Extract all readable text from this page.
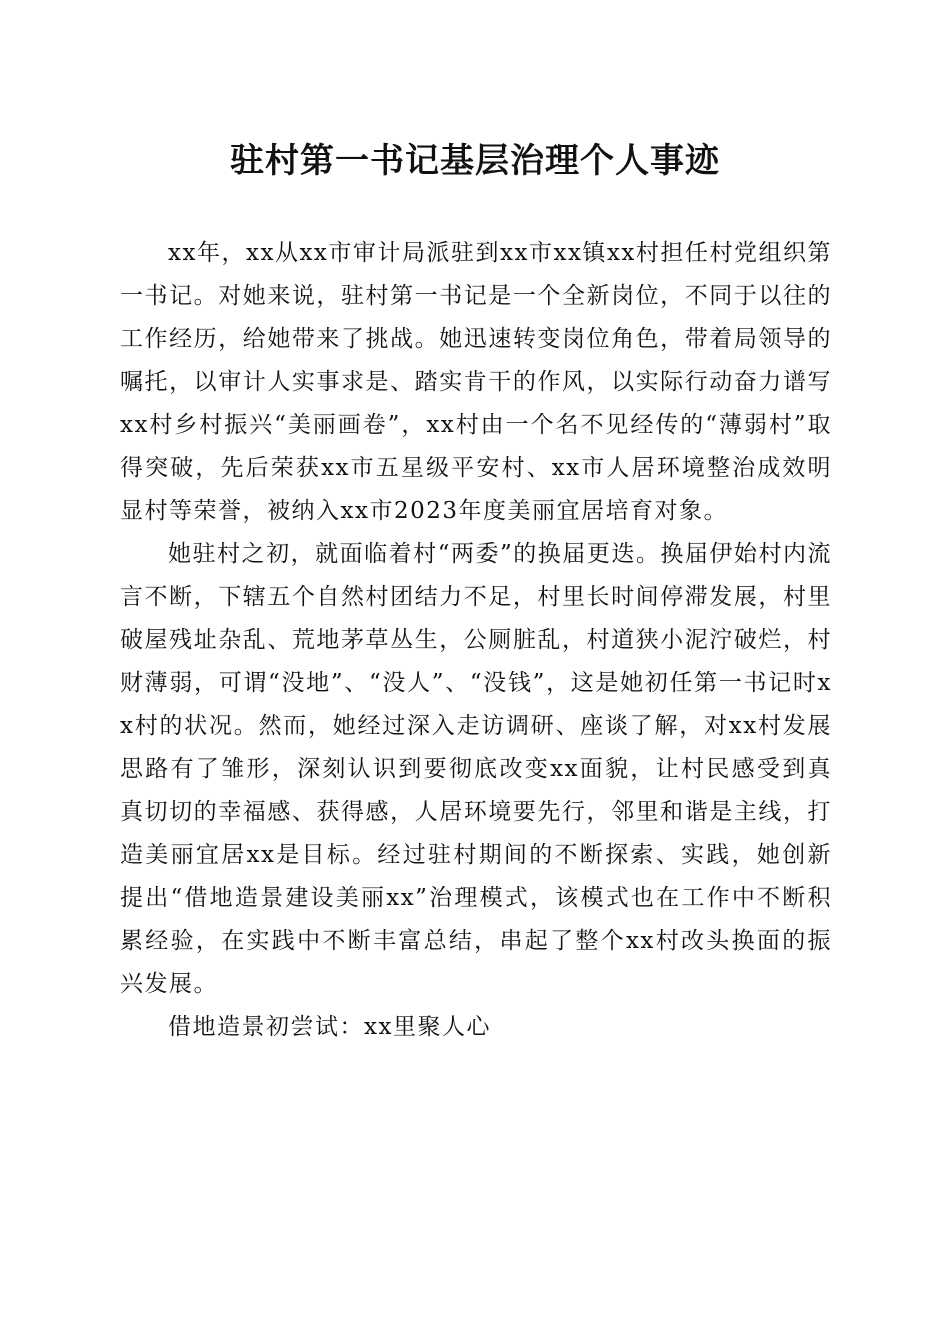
驻村第一书记基层治理个人事迹

xx年，xx从xx市审计局派驻到xx市xx镇xx村担任村党组织第一书记。对她来说，驻村第一书记是一个全新岗位，不同于以往的工作经历，给她带来了挑战。她迅速转变岗位角色，带着局领导的嘱托，以审计人实事求是、踏实肯干的作风，以实际行动奋力谱写xx村乡村振兴“美丽画卷”，xx村由一个名不见经传的“薄弱村”取得突破，先后荣获xx市五星级平安村、xx市人居环境整治成效明显村等荣誉，被纳入xx市2023年度美丽宜居培育对象。

她驻村之初，就面临着村“两委”的换届更迭。换届伊始村内流言不断，下辖五个自然村团结力不足，村里长时间停滞发展，村里破屋残址杂乱、荒地茅草丛生，公厕脏乱，村道狭小泥泞破烂，村财薄弱，可谓“没地”、“没人”、“没钱”，这是她初任第一书记时xx村的状况。然而，她经过深入走访调研、座谈了解，对xx村发展思路有了雏形，深刻认识到要彻底改变xx面貌，让村民感受到真真切切的幸福感、获得感，人居环境要先行，邻里和谐是主线，打造美丽宜居xx是目标。经过驻村期间的不断探索、实践，她创新提出“借地造景建设美丽xx”治理模式，该模式也在工作中不断积累经验，在实践中不断丰富总结，串起了整个xx村改头换面的振兴发展。

借地造景初尝试：xx里聚人心
